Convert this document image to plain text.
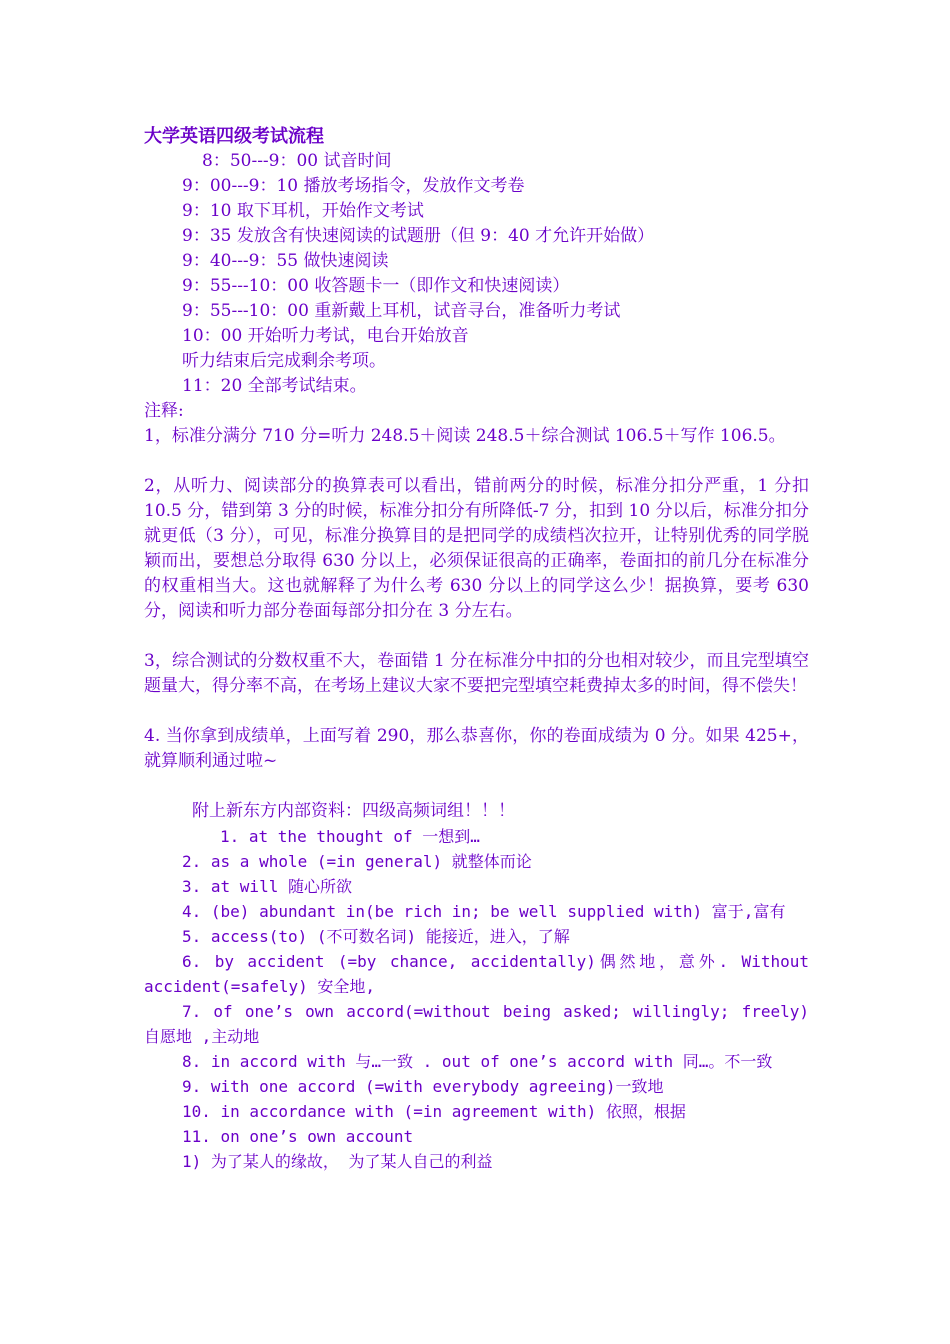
大学英语四级考试流程
8：50---9：00 试音时间
9：00---9：10 播放考场指令，发放作文考卷
9：10 取下耳机，开始作文考试
9：35 发放含有快速阅读的试题册（但 9：40 才允许开始做）
9：40---9：55 做快速阅读
9：55---10：00 收答题卡一（即作文和快速阅读）
9：55---10：00 重新戴上耳机，试音寻台，准备听力考试
10：00 开始听力考试，电台开始放音
听力结束后完成剩余考项。
11：20 全部考试结束。
注释:

1，标准分满分 710 分=听力 248.5＋阅读 248.5＋综合测试 106.5＋写作 106.5。

2，从听力、阅读部分的换算表可以看出，错前两分的时候，标准分扣分严重，1 分扣 10.5 分，错到第 3 分的时候，标准分扣分有所降低-7 分，扣到 10 分以后，标准分扣分就更低（3 分），可见，标准分换算目的是把同学的成绩档次拉开，让特别优秀的同学脱颖而出，要想总分取得 630 分以上，必须保证很高的正确率，卷面扣的前几分在标准分的权重相当大。这也就解释了为什么考 630 分以上的同学这么少！据换算，要考 630 分，阅读和听力部分卷面每部分扣分在 3 分左右。

3，综合测试的分数权重不大，卷面错 1 分在标准分中扣的分也相对较少，而且完型填空题量大，得分率不高，在考场上建议大家不要把完型填空耗费掉太多的时间，得不偿失！

4. 当你拿到成绩单，上面写着 290，那么恭喜你，你的卷面成绩为 0 分。如果 425+，就算顺利通过啦~

附上新东方内部资料：四级高频词组！！！
1. at the thought of 一想到…
2. as a whole (=in general) 就整体而论
3. at will 随心所欲
4. (be) abundant in(be rich in; be well supplied with) 富于,富有
5. access(to) (不可数名词) 能接近，进入，了解

6. by accident (=by chance, accidentally)偶然地，意外. Without accident(=safely) 安全地,

7. of one’s own accord(=without being asked; willingly; freely) 自愿地 ,主动地

8. in accord with 与…一致 . out of one’s accord with 同…。不一致

9. with one accord (=with everybody agreeing)一致地
10. in accordance with (=in agreement with) 依照，根据
11. on one’s own account
1) 为了某人的缘故， 为了某人自己的利益
